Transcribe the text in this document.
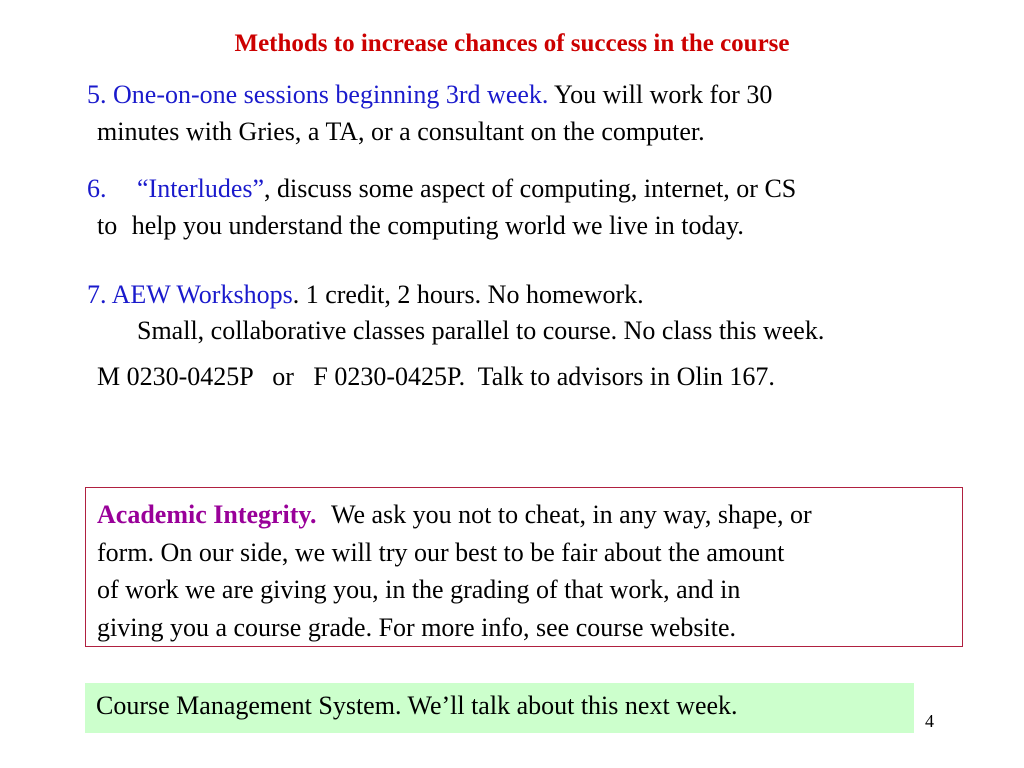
Methods to increase chances of success in the course
5. One-on-one sessions beginning 3rd week. You will work for 30
minutes with Gries, a TA, or a consultant on the computer.
6. “Interludes”, discuss some aspect of computing, internet, or CS
to help you understand the computing world we live in today.
7. AEW Workshops. 1 credit, 2 hours. No homework.
Small, collaborative classes parallel to course. No class this week.
M 0230-0425P   or   F 0230-0425P.  Talk to advisors in Olin 167.
Academic Integrity. We ask you not to cheat, in any way, shape, or
form. On our side, we will try our best to be fair about the amount
of work we are giving you, in the grading of that work, and in
giving you a course grade. For more info, see course website.
Course Management System. We’ll talk about this next week.
4
